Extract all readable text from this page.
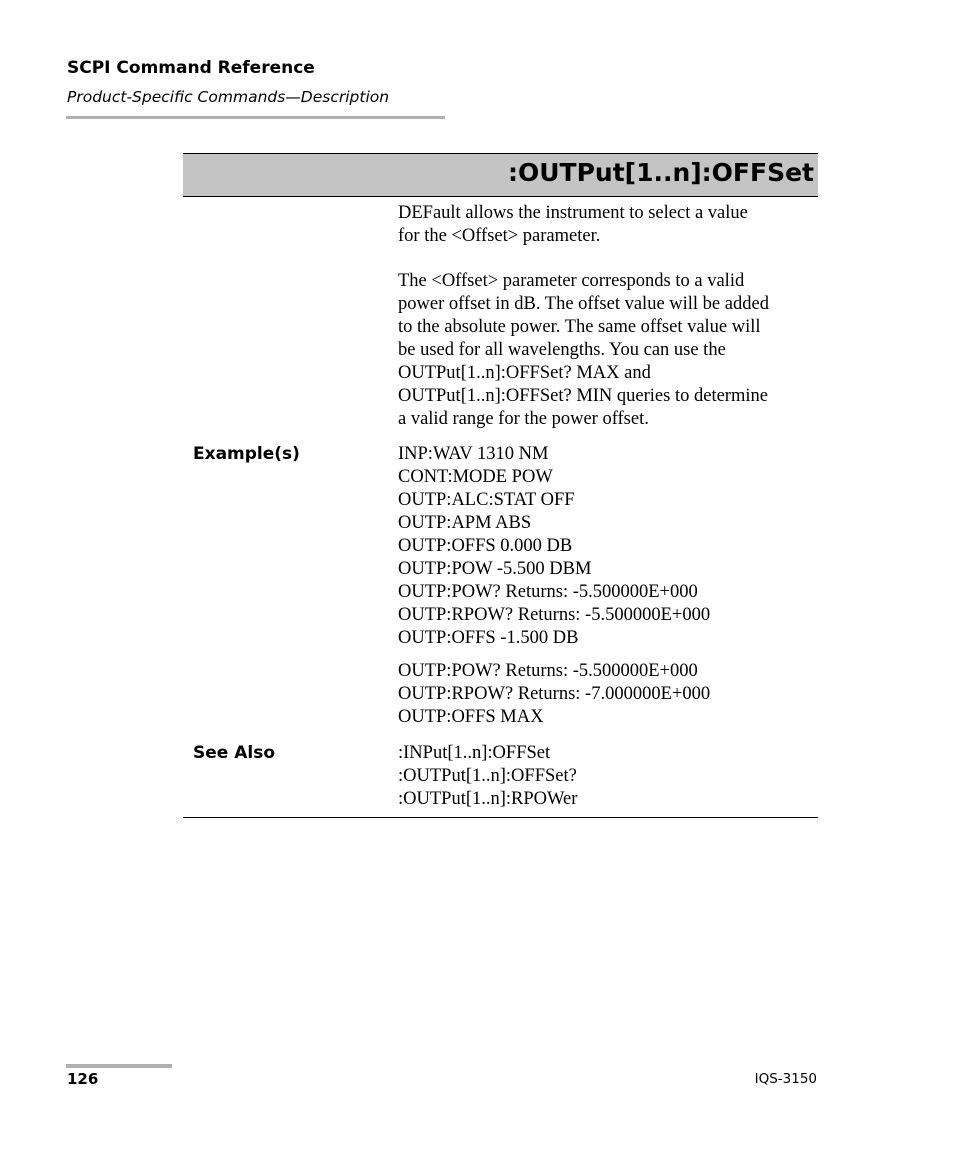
SCPI Command Reference
Product-Specific Commands—Description
:OUTPut[1..n]:OFFSet
DEFault allows the instrument to select a value
for the <Offset> parameter.
The <Offset> parameter corresponds to a valid
power offset in dB. The offset value will be added
to the absolute power. The same offset value will
be used for all wavelengths. You can use the
OUTPut[1..n]:OFFSet? MAX and
OUTPut[1..n]:OFFSet? MIN queries to determine
a valid range for the power offset.
Example(s)	INP:WAV 1310 NM
CONT:MODE POW
OUTP:ALC:STAT OFF
OUTP:APM ABS
OUTP:OFFS 0.000 DB
OUTP:POW -5.500 DBM
OUTP:POW? Returns: -5.500000E+000
OUTP:RPOW? Returns: -5.500000E+000
OUTP:OFFS -1.500 DB
OUTP:POW? Returns: -5.500000E+000
OUTP:RPOW? Returns: -7.000000E+000
OUTP:OFFS MAX
See Also	:INPut[1..n]:OFFSet
:OUTPut[1..n]:OFFSet?
:OUTPut[1..n]:RPOWer
126	IQS-3150
